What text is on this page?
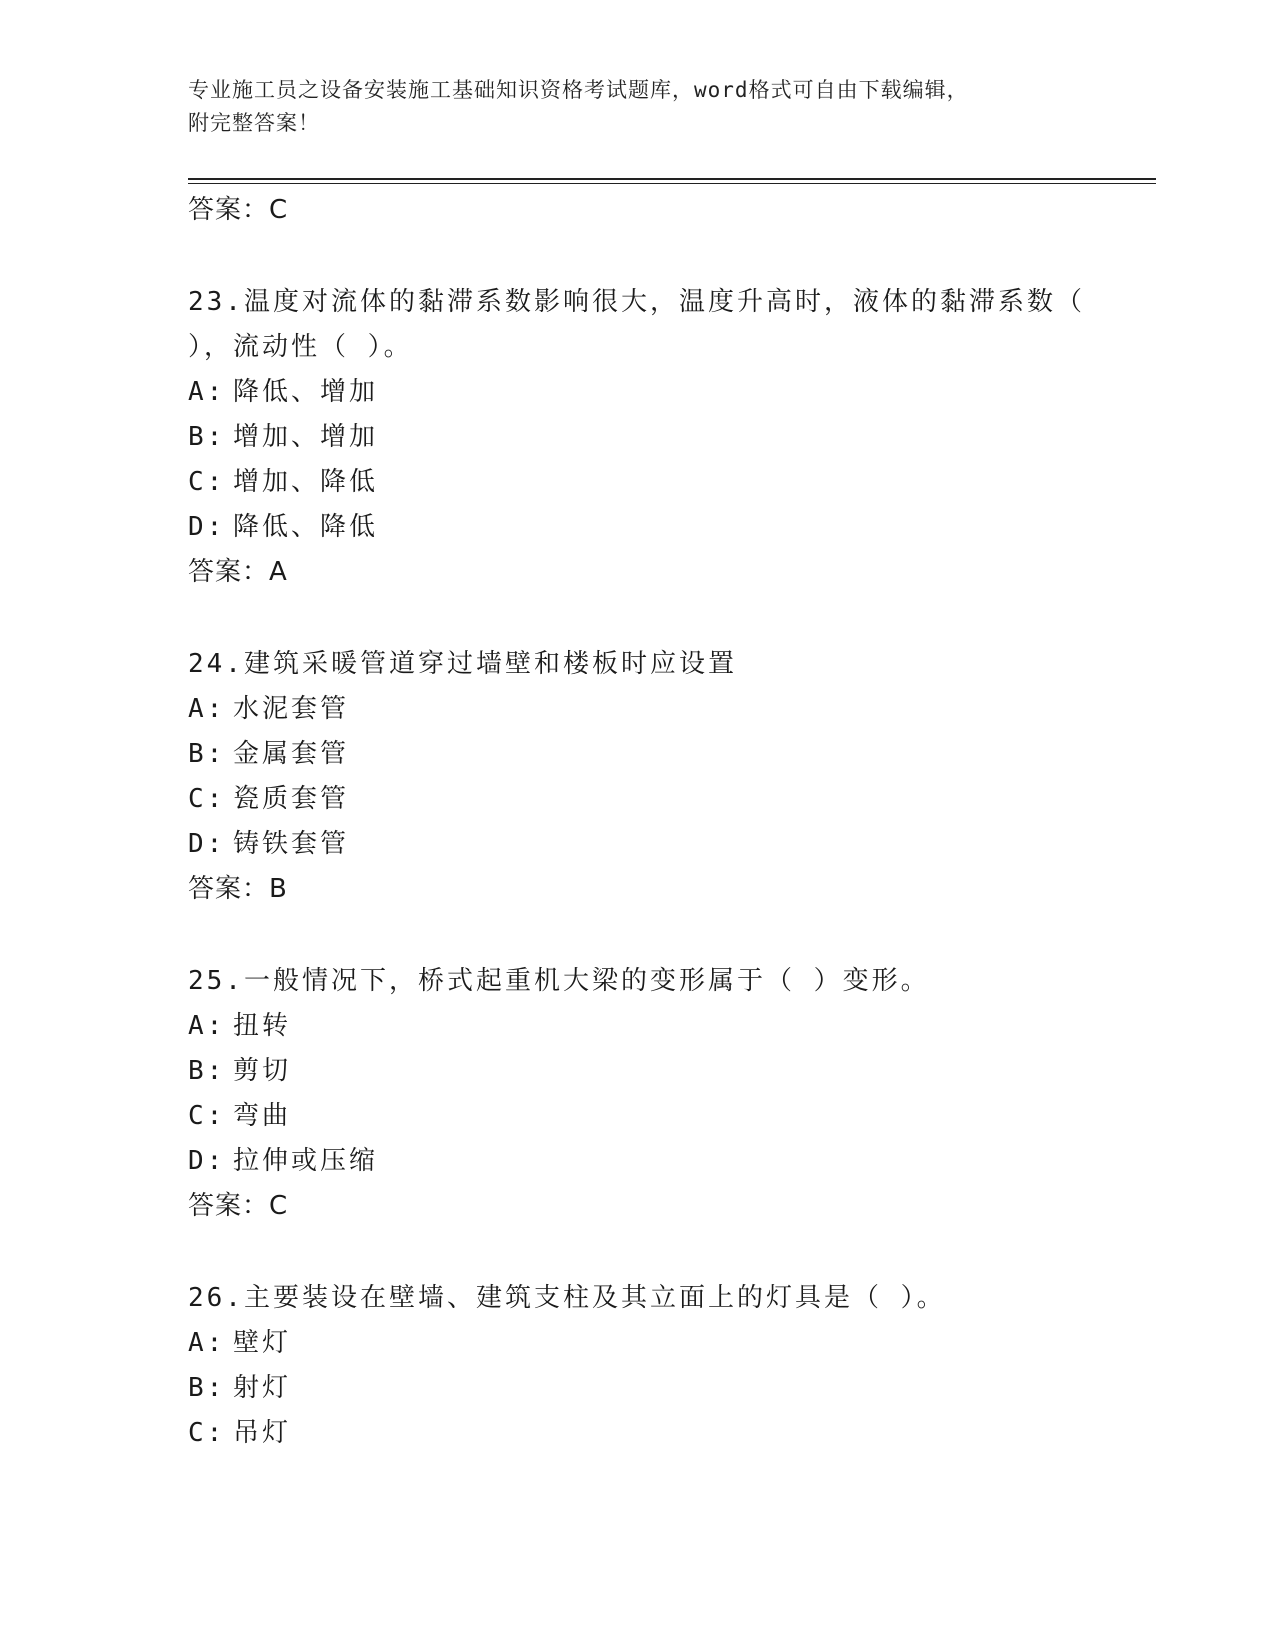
专业施工员之设备安装施工基础知识资格考试题库，word格式可自由下载编辑，
附完整答案！
答案：C
23.温度对流体的黏滞系数影响很大，温度升高时，液体的黏滞系数（
），流动性（ ）。
A: 降低、增加
B: 增加、增加
C: 增加、降低
D: 降低、降低
答案：A
24.建筑采暖管道穿过墙壁和楼板时应设置
A: 水泥套管
B: 金属套管
C: 瓷质套管
D: 铸铁套管
答案：B
25.一般情况下，桥式起重机大梁的变形属于（ ）变形。
A: 扭转
B: 剪切
C: 弯曲
D: 拉伸或压缩
答案：C
26.主要装设在壁墙、建筑支柱及其立面上的灯具是（ ）。
A: 壁灯
B: 射灯
C: 吊灯
